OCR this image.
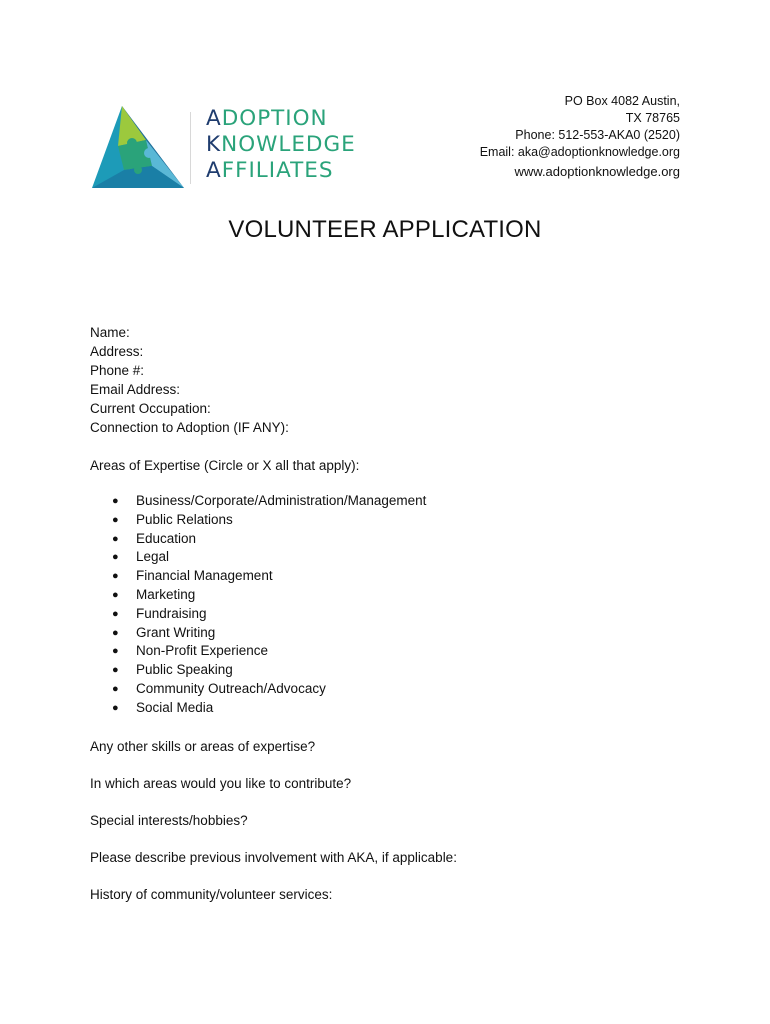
ADOPTION
KNOWLEDGE
AFFILIATES
PO Box 4082 Austin,
TX 78765
Phone: 512-553-AKA0 (2520)
Email: aka@adoptionknowledge.org
www.adoptionknowledge.org
VOLUNTEER APPLICATION
Name:
Address:
Phone #:
Email Address:
Current Occupation:
Connection to Adoption (IF ANY):
Areas of Expertise (Circle or X all that apply):
● Business/Corporate/Administration/Management
● Public Relations
● Education
● Legal
● Financial Management
● Marketing
● Fundraising
● Grant Writing
● Non-Profit Experience
● Public Speaking
● Community Outreach/Advocacy
● Social Media
Any other skills or areas of expertise?
In which areas would you like to contribute?
Special interests/hobbies?
Please describe previous involvement with AKA, if applicable:
History of community/volunteer services:
